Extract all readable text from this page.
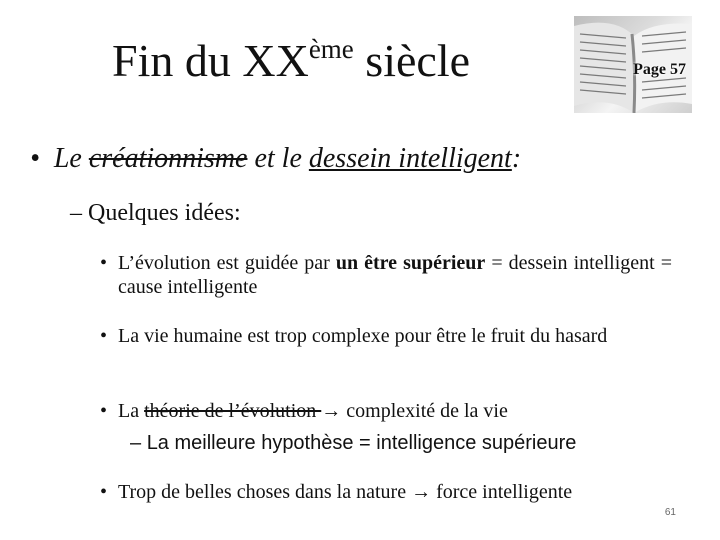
Fin du XXème siècle	Page 57
• Le créationnisme et le dessein intelligent:
– Quelques idées:
• L’évolution est guidée par un être supérieur = dessein intelligent = cause intelligente
• La vie humaine est trop complexe pour être le fruit du hasard
• La théorie de l’évolution → complexité de la vie
– La meilleure hypothèse = intelligence supérieure
• Trop de belles choses dans la nature → force intelligente
61
